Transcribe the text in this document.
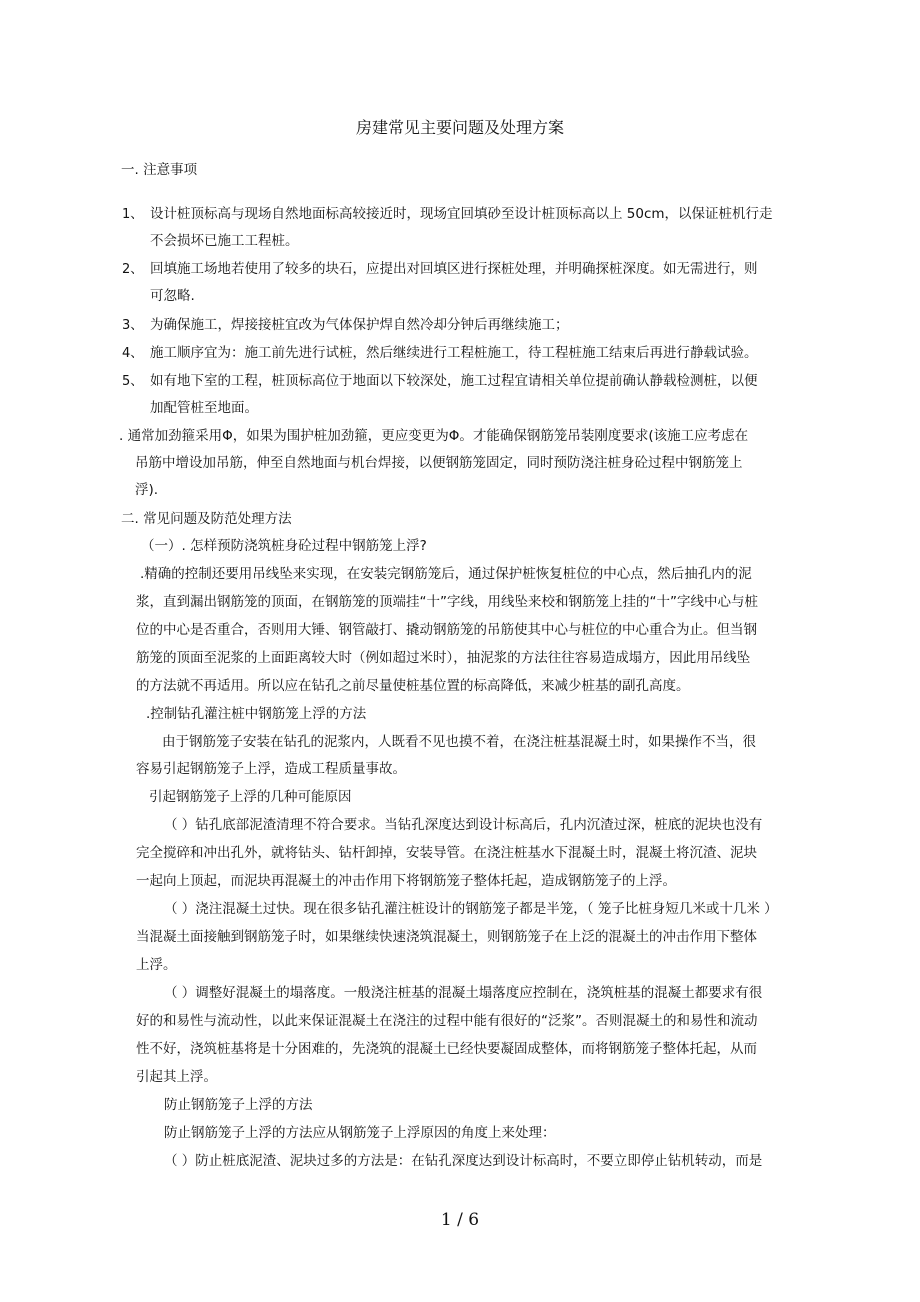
房建常见主要问题及处理方案
一. 注意事项
1、 设计桩顶标高与现场自然地面标高较接近时，现场宜回填砂至设计桩顶标高以上 50cm，以保证桩机行走
不会损坏已施工工程桩。
2、 回填施工场地若使用了较多的块石，应提出对回填区进行探桩处理，并明确探桩深度。如无需进行，则
可忽略.
3、 为确保施工，焊接接桩宜改为气体保护焊自然冷却分钟后再继续施工；
4、 施工顺序宜为：施工前先进行试桩，然后继续进行工程桩施工，待工程桩施工结束后再进行静载试验。
5、 如有地下室的工程，桩顶标高位于地面以下较深处，施工过程宜请相关单位提前确认静载检测桩，以便
加配管桩至地面。
. 通常加劲箍采用Φ，如果为围护桩加劲箍，更应变更为Φ。才能确保钢筋笼吊装刚度要求(该施工应考虑在
吊筋中增设加吊筋，伸至自然地面与机台焊接，以便钢筋笼固定，同时预防浇注桩身砼过程中钢筋笼上
浮).
二. 常见问题及防范处理方法
（一）. 怎样预防浇筑桩身砼过程中钢筋笼上浮?
.精确的控制还要用吊线坠来实现，在安装完钢筋笼后，通过保护桩恢复桩位的中心点，然后抽孔内的泥
浆，直到漏出钢筋笼的顶面，在钢筋笼的顶端挂“十”字线，用线坠来校和钢筋笼上挂的“十”字线中心与桩
位的中心是否重合，否则用大锤、钢管敲打、撬动钢筋笼的吊筋使其中心与桩位的中心重合为止。但当钢
筋笼的顶面至泥浆的上面距离较大时（例如超过米时），抽泥浆的方法往往容易造成塌方，因此用吊线坠
的方法就不再适用。所以应在钻孔之前尽量使桩基位置的标高降低，来减少桩基的副孔高度。
.控制钻孔灌注桩中钢筋笼上浮的方法
由于钢筋笼子安装在钻孔的泥浆内，人既看不见也摸不着，在浇注桩基混凝土时，如果操作不当，很
容易引起钢筋笼子上浮，造成工程质量事故。
引起钢筋笼子上浮的几种可能原因
（ ）钻孔底部泥渣清理不符合要求。当钻孔深度达到设计标高后，孔内沉渣过深，桩底的泥块也没有
完全搅碎和冲出孔外，就将钻头、钻杆卸掉，安装导管。在浇注桩基水下混凝土时，混凝土将沉渣、泥块
一起向上顶起，而泥块再混凝土的冲击作用下将钢筋笼子整体托起，造成钢筋笼子的上浮。
（ ）浇注混凝土过快。现在很多钻孔灌注桩设计的钢筋笼子都是半笼，（ 笼子比桩身短几米或十几米 ）
当混凝土面接触到钢筋笼子时，如果继续快速浇筑混凝土，则钢筋笼子在上泛的混凝土的冲击作用下整体
上浮。
（ ）调整好混凝土的塌落度。一般浇注桩基的混凝土塌落度应控制在，浇筑桩基的混凝土都要求有很
好的和易性与流动性，以此来保证混凝土在浇注的过程中能有很好的“泛浆”。否则混凝土的和易性和流动
性不好，浇筑桩基将是十分困难的，先浇筑的混凝土已经快要凝固成整体，而将钢筋笼子整体托起，从而
引起其上浮。
防止钢筋笼子上浮的方法
防止钢筋笼子上浮的方法应从钢筋笼子上浮原因的角度上来处理：
（ ）防止桩底泥渣、泥块过多的方法是：在钻孔深度达到设计标高时，不要立即停止钻机转动，而是
1 / 6
